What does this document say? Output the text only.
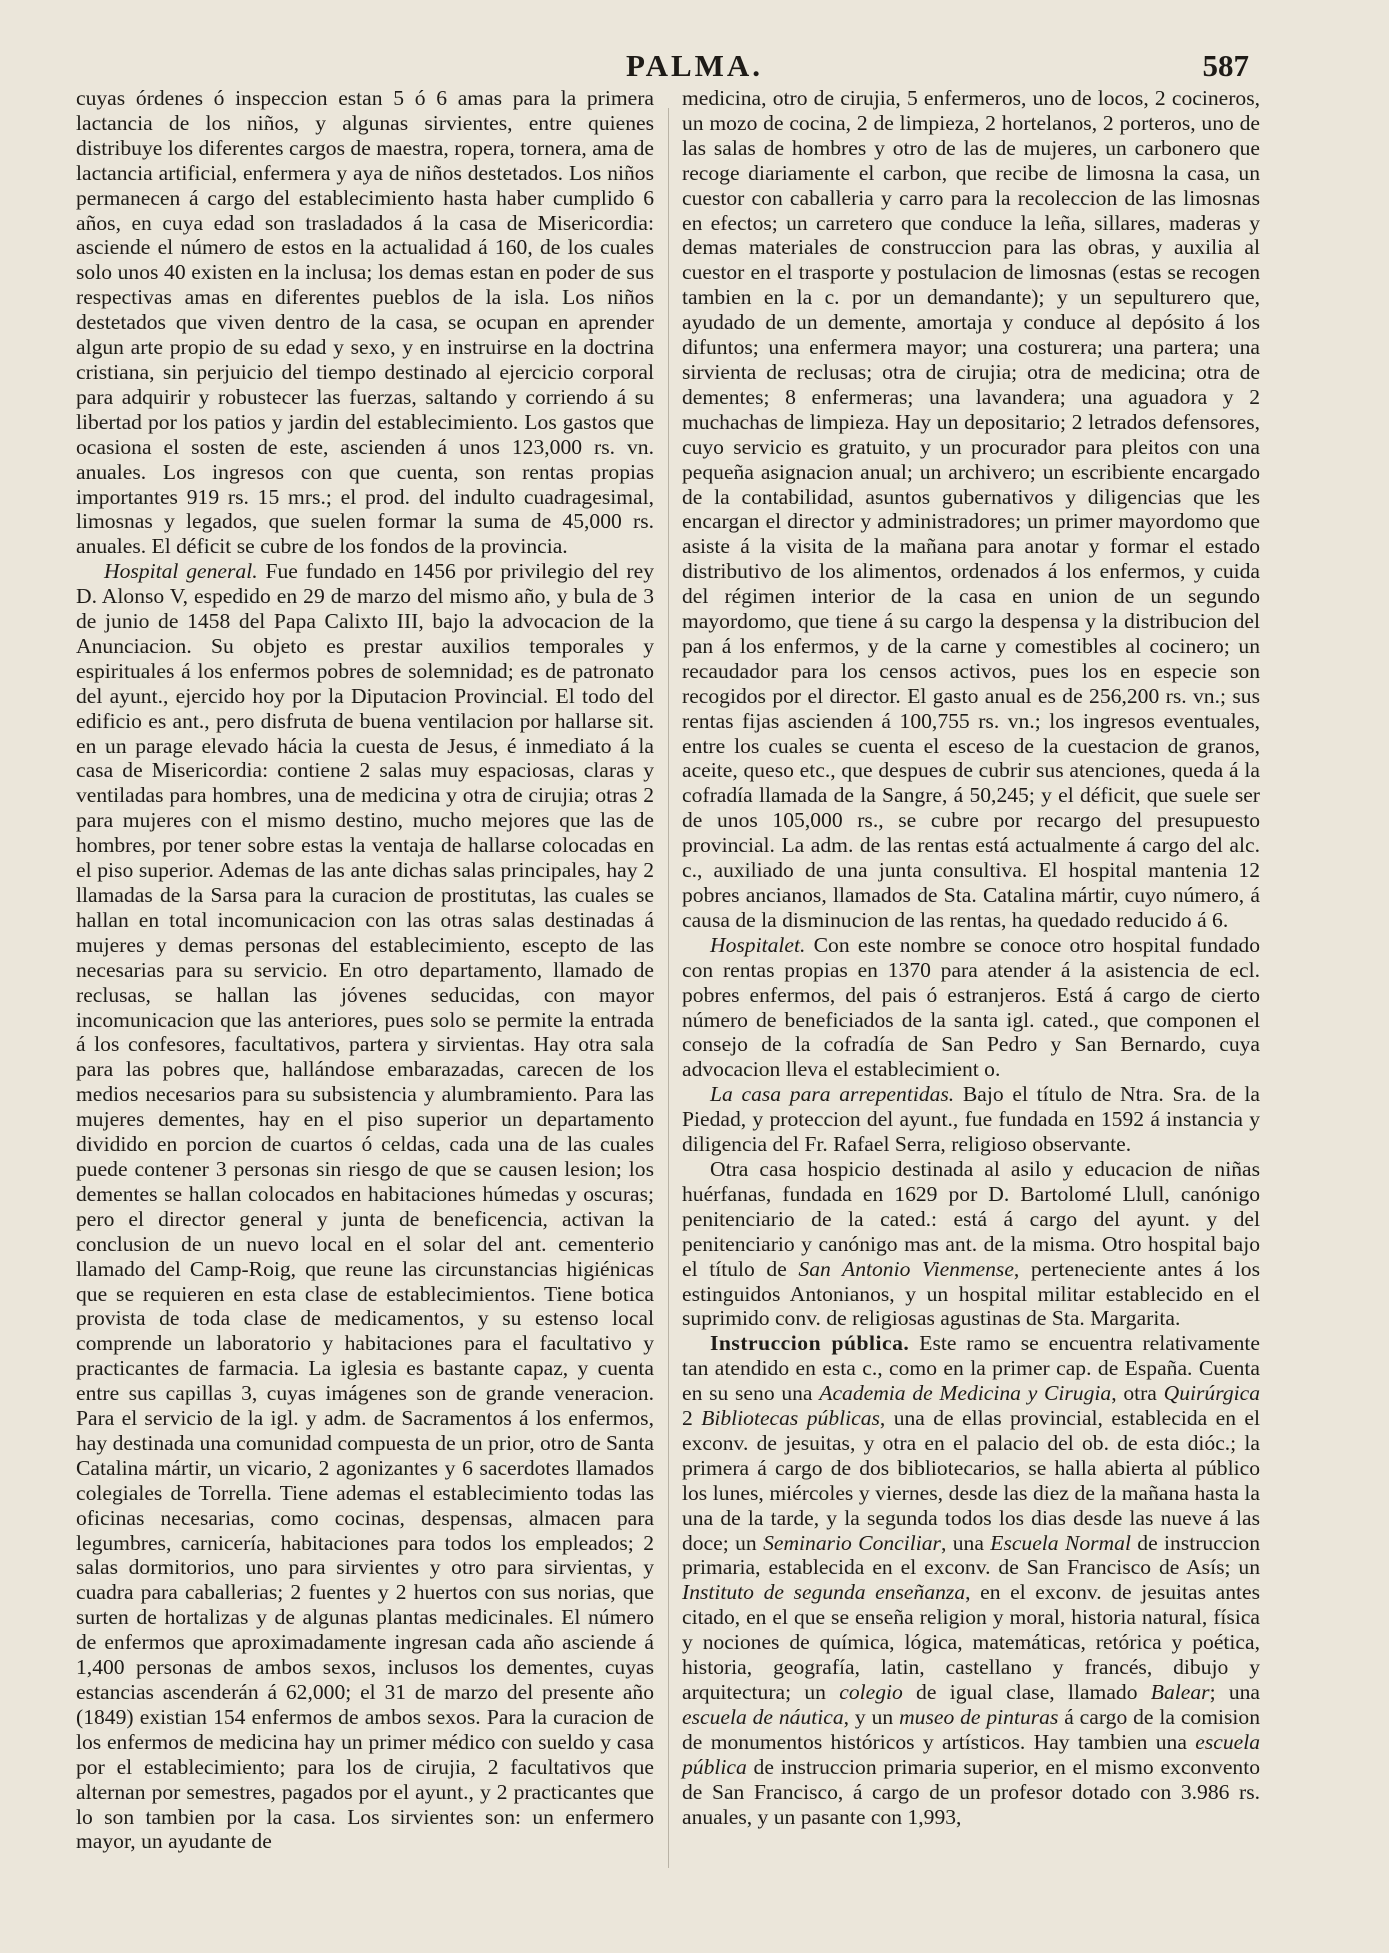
PALMA.	587

cuyas órdenes ó inspeccion estan 5 ó 6 amas para la primera lactancia de los niños, y algunas sirvientes, entre quienes distribuye los diferentes cargos de maestra, ropera, tornera, ama de lactancia artificial, enfermera y aya de niños destetados. Los niños permanecen á cargo del establecimiento hasta haber cumplido 6 años, en cuya edad son trasladados á la casa de Misericordia: asciende el número de estos en la actualidad á 160, de los cuales solo unos 40 existen en la inclusa; los demas estan en poder de sus respectivas amas en diferentes pueblos de la isla. Los niños destetados que viven dentro de la casa, se ocupan en aprender algun arte propio de su edad y sexo, y en instruirse en la doctrina cristiana, sin perjuicio del tiempo destinado al ejercicio corporal para adquirir y robustecer las fuerzas, saltando y corriendo á su libertad por los patios y jardin del establecimiento. Los gastos que ocasiona el sosten de este, ascienden á unos 123,000 rs. vn. anuales. Los ingresos con que cuenta, son rentas propias importantes 919 rs. 15 mrs.; el prod. del indulto cuadragesimal, limosnas y legados, que suelen formar la suma de 45,000 rs. anuales. El déficit se cubre de los fondos de la provincia.

Hospital general. Fue fundado en 1456 por privilegio del rey D. Alonso V, espedido en 29 de marzo del mismo año, y bula de 3 de junio de 1458 del Papa Calixto III, bajo la advocacion de la Anunciacion. Su objeto es prestar auxilios temporales y espirituales á los enfermos pobres de solemnidad; es de patronato del ayunt., ejercido hoy por la Diputacion Provincial. El todo del edificio es ant., pero disfruta de buena ventilacion por hallarse sit. en un parage elevado hácia la cuesta de Jesus, é inmediato á la casa de Misericordia: contiene 2 salas muy espaciosas, claras y ventiladas para hombres, una de medicina y otra de cirujia; otras 2 para mujeres con el mismo destino, mucho mejores que las de hombres, por tener sobre estas la ventaja de hallarse colocadas en el piso superior. Ademas de las ante dichas salas principales, hay 2 llamadas de la Sarsa para la curacion de prostitutas, las cuales se hallan en total incomunicacion con las otras salas destinadas á mujeres y demas personas del establecimiento, escepto de las necesarias para su servicio. En otro departamento, llamado de reclusas, se hallan las jóvenes seducidas, con mayor incomunicacion que las anteriores, pues solo se permite la entrada á los confesores, facultativos, partera y sirvientas. Hay otra sala para las pobres que, hallándose embarazadas, carecen de los medios necesarios para su subsistencia y alumbramiento. Para las mujeres dementes, hay en el piso superior un departamento dividido en porcion de cuartos ó celdas, cada una de las cuales puede contener 3 personas sin riesgo de que se causen lesion; los dementes se hallan colocados en habitaciones húmedas y oscuras; pero el director general y junta de beneficencia, activan la conclusion de un nuevo local en el solar del ant. cementerio llamado del Camp-Roig, que reune las circunstancias higiénicas que se requieren en esta clase de establecimientos. Tiene botica provista de toda clase de medicamentos, y su estenso local comprende un laboratorio y habitaciones para el facultativo y practicantes de farmacia. La iglesia es bastante capaz, y cuenta entre sus capillas 3, cuyas imágenes son de grande veneracion. Para el servicio de la igl. y adm. de Sacramentos á los enfermos, hay destinada una comunidad compuesta de un prior, otro de Santa Catalina mártir, un vicario, 2 agonizantes y 6 sacerdotes llamados colegiales de Torrella. Tiene ademas el establecimiento todas las oficinas necesarias, como cocinas, despensas, almacen para legumbres, carnicería, habitaciones para todos los empleados; 2 salas dormitorios, uno para sirvientes y otro para sirvientas, y cuadra para caballerias; 2 fuentes y 2 huertos con sus norias, que surten de hortalizas y de algunas plantas medicinales. El número de enfermos que aproximadamente ingresan cada año asciende á 1,400 personas de ambos sexos, inclusos los dementes, cuyas estancias ascenderán á 62,000; el 31 de marzo del presente año (1849) existian 154 enfermos de ambos sexos. Para la curacion de los enfermos de medicina hay un primer médico con sueldo y casa por el establecimiento; para los de cirujia, 2 facultativos que alternan por semestres, pagados por el ayunt., y 2 practicantes que lo son tambien por la casa. Los sirvientes son: un enfermero mayor, un ayudante de

medicina, otro de cirujia, 5 enfermeros, uno de locos, 2 cocineros, un mozo de cocina, 2 de limpieza, 2 hortelanos, 2 porteros, uno de las salas de hombres y otro de las de mujeres, un carbonero que recoge diariamente el carbon, que recibe de limosna la casa, un cuestor con caballeria y carro para la recoleccion de las limosnas en efectos; un carretero que conduce la leña, sillares, maderas y demas materiales de construccion para las obras, y auxilia al cuestor en el trasporte y postulacion de limosnas (estas se recogen tambien en la c. por un demandante); y un sepulturero que, ayudado de un demente, amortaja y conduce al depósito á los difuntos; una enfermera mayor; una costurera; una partera; una sirvienta de reclusas; otra de cirujia; otra de medicina; otra de dementes; 8 enfermeras; una lavandera; una aguadora y 2 muchachas de limpieza. Hay un depositario; 2 letrados defensores, cuyo servicio es gratuito, y un procurador para pleitos con una pequeña asignacion anual; un archivero; un escribiente encargado de la contabilidad, asuntos gubernativos y diligencias que les encargan el director y administradores; un primer mayordomo que asiste á la visita de la mañana para anotar y formar el estado distributivo de los alimentos, ordenados á los enfermos, y cuida del régimen interior de la casa en union de un segundo mayordomo, que tiene á su cargo la despensa y la distribucion del pan á los enfermos, y de la carne y comestibles al cocinero; un recaudador para los censos activos, pues los en especie son recogidos por el director. El gasto anual es de 256,200 rs. vn.; sus rentas fijas ascienden á 100,755 rs. vn.; los ingresos eventuales, entre los cuales se cuenta el esceso de la cuestacion de granos, aceite, queso etc., que despues de cubrir sus atenciones, queda á la cofradía llamada de la Sangre, á 50,245; y el déficit, que suele ser de unos 105,000 rs., se cubre por recargo del presupuesto provincial. La adm. de las rentas está actualmente á cargo del alc. c., auxiliado de una junta consultiva. El hospital mantenia 12 pobres ancianos, llamados de Sta. Catalina mártir, cuyo número, á causa de la disminucion de las rentas, ha quedado reducido á 6.

Hospitalet. Con este nombre se conoce otro hospital fundado con rentas propias en 1370 para atender á la asistencia de ecl. pobres enfermos, del pais ó estranjeros. Está á cargo de cierto número de beneficiados de la santa igl. cated., que componen el consejo de la cofradía de San Pedro y San Bernardo, cuya advocacion lleva el establecimient o.

La casa para arrepentidas. Bajo el título de Ntra. Sra. de la Piedad, y proteccion del ayunt., fue fundada en 1592 á instancia y diligencia del Fr. Rafael Serra, religioso observante.

Otra casa hospicio destinada al asilo y educacion de niñas huérfanas, fundada en 1629 por D. Bartolomé Llull, canónigo penitenciario de la cated.: está á cargo del ayunt. y del penitenciario y canónigo mas ant. de la misma. Otro hospital bajo el título de San Antonio Vienmense, perteneciente antes á los estinguidos Antonianos, y un hospital militar establecido en el suprimido conv. de religiosas agustinas de Sta. Margarita.

Instruccion pública. Este ramo se encuentra relativamente tan atendido en esta c., como en la primer cap. de España. Cuenta en su seno una Academia de Medicina y Cirugia, otra Quirúrgica 2 Bibliotecas públicas, una de ellas provincial, establecida en el exconv. de jesuitas, y otra en el palacio del ob. de esta dióc.; la primera á cargo de dos bibliotecarios, se halla abierta al público los lunes, miércoles y viernes, desde las diez de la mañana hasta la una de la tarde, y la segunda todos los dias desde las nueve á las doce; un Seminario Conciliar, una Escuela Normal de instruccion primaria, establecida en el exconv. de San Francisco de Asís; un Instituto de segunda enseñanza, en el exconv. de jesuitas antes citado, en el que se enseña religion y moral, historia natural, física y nociones de química, lógica, matemáticas, retórica y poética, historia, geografía, latin, castellano y francés, dibujo y arquitectura; un colegio de igual clase, llamado Balear; una escuela de náutica, y un museo de pinturas á cargo de la comision de monumentos históricos y artísticos. Hay tambien una escuela pública de instruccion primaria superior, en el mismo exconvento de San Francisco, á cargo de un profesor dotado con 3.986 rs. anuales, y un pasante con 1,993,
